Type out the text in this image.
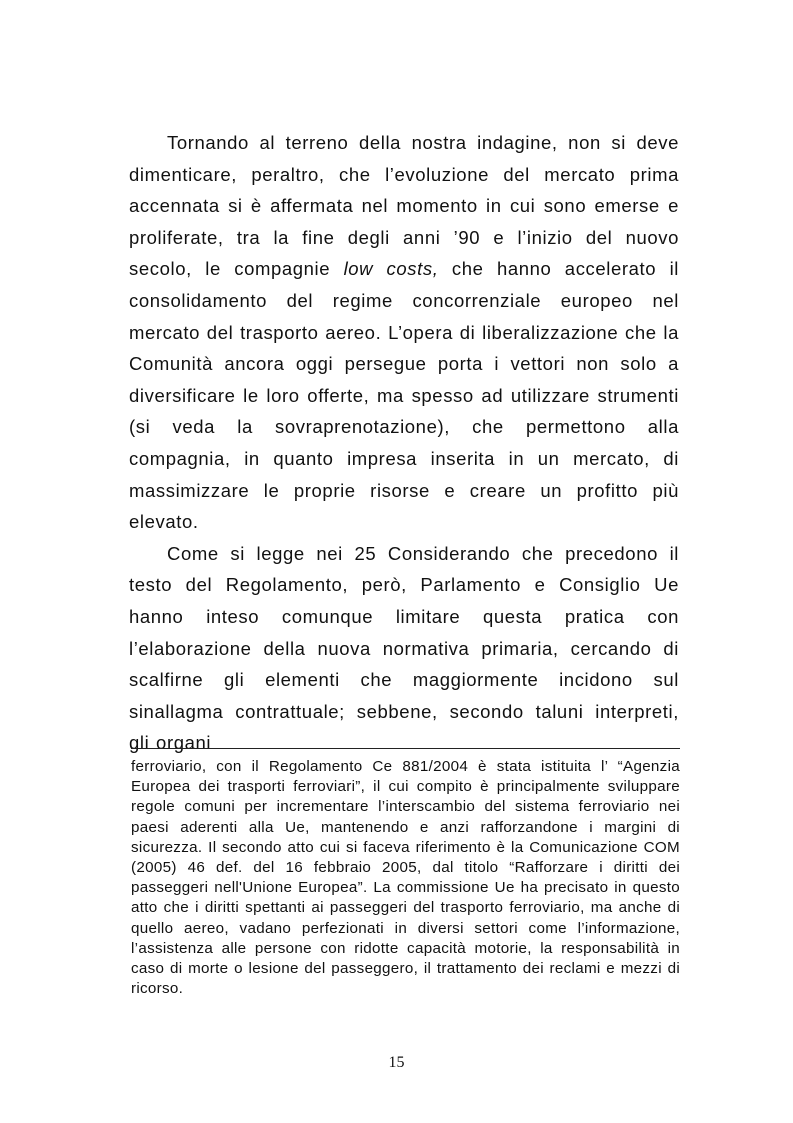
Tornando al terreno della nostra indagine, non si deve dimenticare, peraltro, che l’evoluzione del mercato prima accennata si è affermata nel momento in cui sono emerse e proliferate, tra la fine degli anni ’90 e l’inizio del nuovo secolo, le compagnie low costs, che hanno accelerato il consolidamento del regime concorrenziale europeo nel mercato del trasporto aereo. L’opera di liberalizzazione che la Comunità ancora oggi persegue porta i vettori non solo a diversificare le loro offerte, ma spesso ad utilizzare strumenti (si veda la sovraprenotazione), che permettono alla compagnia, in quanto impresa inserita in un mercato, di massimizzare le proprie risorse e creare un profitto più elevato.

Come si legge nei 25 Considerando che precedono il testo del Regolamento, però, Parlamento e Consiglio Ue hanno inteso comunque limitare questa pratica con l’elaborazione della nuova normativa primaria, cercando di scalfirne gli elementi che maggiormente incidono sul sinallagma contrattuale; sebbene, secondo taluni interpreti, gli organi

ferroviario, con il Regolamento Ce 881/2004 è stata istituita l’ “Agenzia Europea dei trasporti ferroviari”, il cui compito è principalmente sviluppare regole comuni per incrementare l’interscambio del sistema ferroviario nei paesi aderenti alla Ue, mantenendo e anzi rafforzandone i margini di sicurezza. Il secondo atto cui si faceva riferimento è la Comunicazione COM (2005) 46 def. del 16 febbraio 2005, dal titolo “Rafforzare i diritti dei passeggeri nell'Unione Europea”. La commissione Ue ha precisato in questo atto che i diritti spettanti ai passeggeri del trasporto ferroviario, ma anche di quello aereo, vadano perfezionati in diversi settori come l’informazione, l’assistenza alle persone con ridotte capacità motorie, la responsabilità in caso di morte o lesione del passeggero, il trattamento dei reclami e mezzi di ricorso.

15
